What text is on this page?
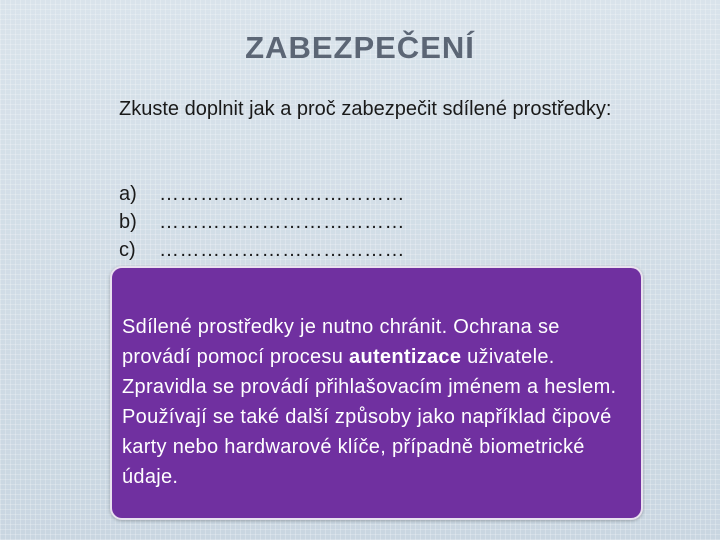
ZABEZPEČENÍ
Zkuste doplnit jak a proč zabezpečit sdílené prostředky:
a) ………………………………
b) ………………………………
c) ………………………………
Sdílené prostředky je nutno chránit. Ochrana se provádí pomocí procesu autentizace uživatele. Zpravidla se provádí přihlašovacím jménem a heslem. Používají se také další způsoby jako například čipové karty nebo hardwarové klíče, případně biometrické údaje.
